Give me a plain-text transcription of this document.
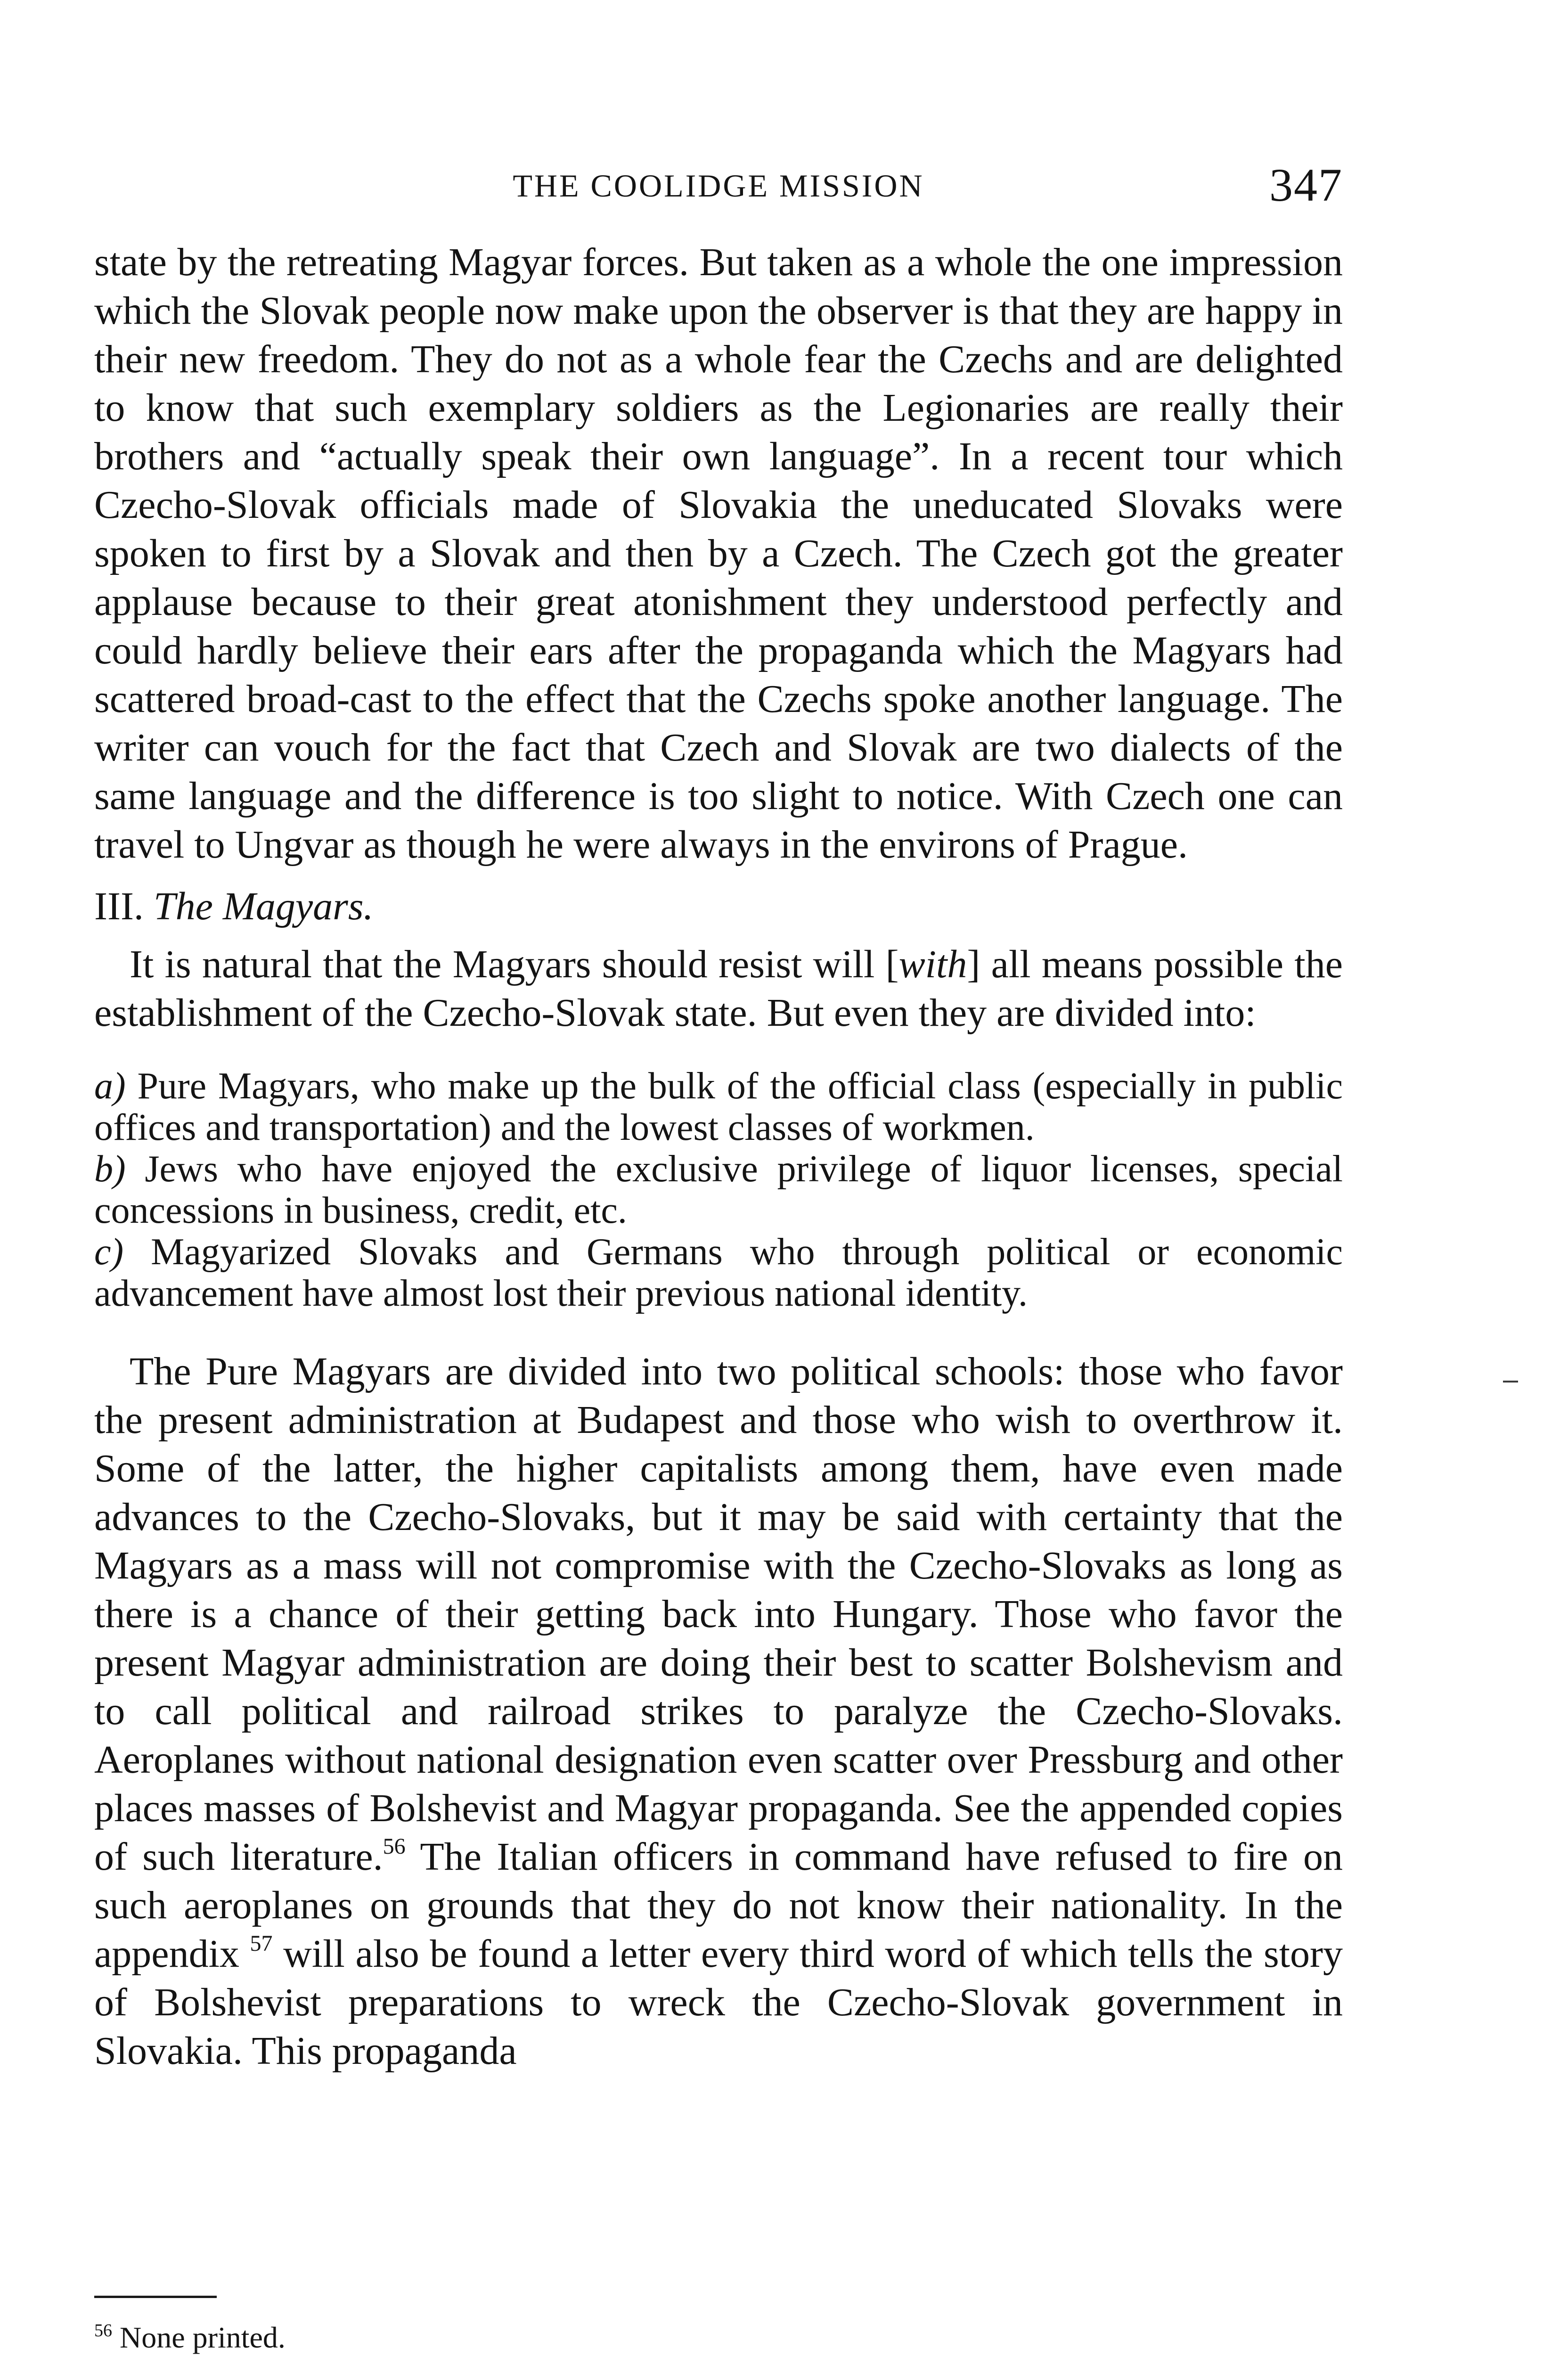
THE COOLIDGE MISSION	347

state by the retreating Magyar forces. But taken as a whole the one impression which the Slovak people now make upon the observer is that they are happy in their new freedom. They do not as a whole fear the Czechs and are delighted to know that such exemplary soldiers as the Legionaries are really their brothers and “actually speak their own language”. In a recent tour which Czecho-Slovak officials made of Slovakia the uneducated Slovaks were spoken to first by a Slovak and then by a Czech. The Czech got the greater applause because to their great atonishment they understood perfectly and could hardly believe their ears after the propaganda which the Magyars had scattered broad-cast to the effect that the Czechs spoke another language. The writer can vouch for the fact that Czech and Slovak are two dialects of the same language and the difference is too slight to notice. With Czech one can travel to Ungvar as though he were always in the environs of Prague.

III. The Magyars.

It is natural that the Magyars should resist will [with] all means possible the establishment of the Czecho-Slovak state. But even they are divided into:

a) Pure Magyars, who make up the bulk of the official class (especially in public offices and transportation) and the lowest classes of workmen.

b) Jews who have enjoyed the exclusive privilege of liquor licenses, special concessions in business, credit, etc.

c) Magyarized Slovaks and Germans who through political or economic advancement have almost lost their previous national identity.

The Pure Magyars are divided into two political schools: those who favor the present administration at Budapest and those who wish to overthrow it. Some of the latter, the higher capitalists among them, have even made advances to the Czecho-Slovaks, but it may be said with certainty that the Magyars as a mass will not compromise with the Czecho-Slovaks as long as there is a chance of their getting back into Hungary. Those who favor the present Magyar administration are doing their best to scatter Bolshevism and to call political and railroad strikes to paralyze the Czecho-Slovaks. Aeroplanes without national designation even scatter over Pressburg and other places masses of Bolshevist and Magyar propaganda. See the appended copies of such literature.$^{56}$ The Italian officers in command have refused to fire on such aeroplanes on grounds that they do not know their nationality. In the appendix $^{57}$ will also be found a letter every third word of which tells the story of Bolshevist preparations to wreck the Czecho-Slovak government in Slovakia. This propaganda

$^{56}$ None printed.
